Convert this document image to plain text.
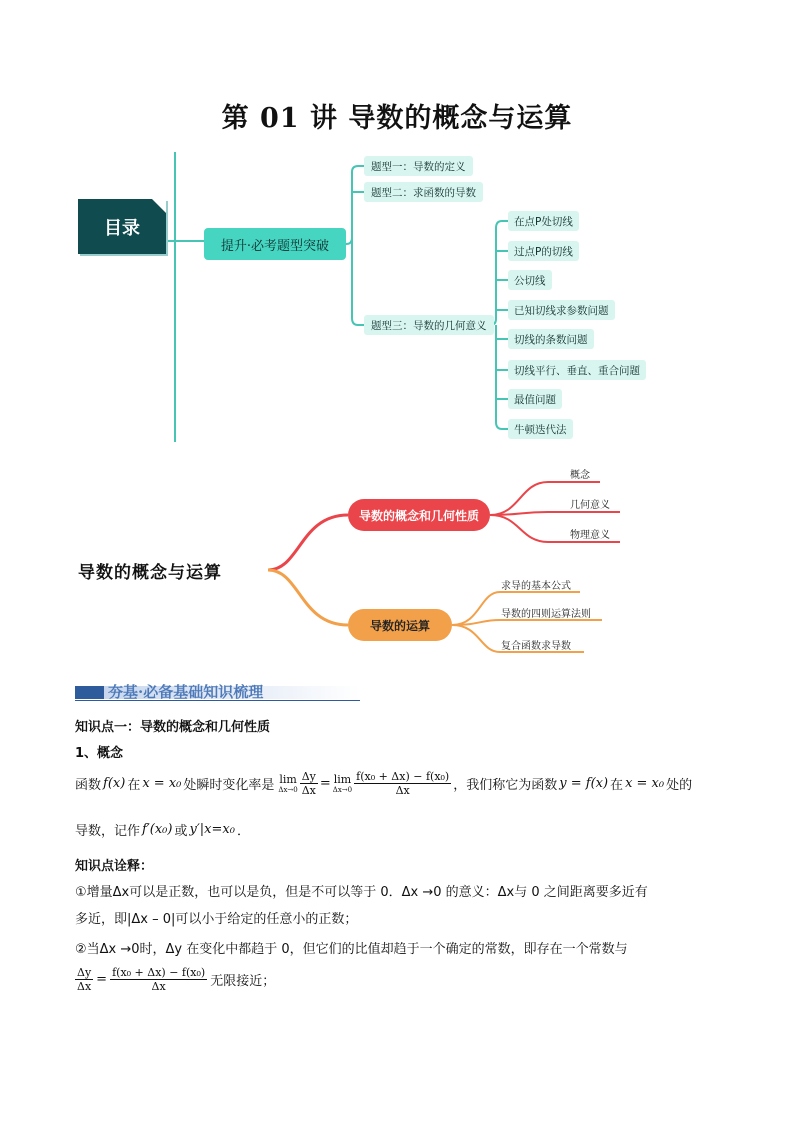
第 01 讲 导数的概念与运算
目录
提升·必考题型突破
题型一：导数的定义
题型二：求函数的导数
题型三：导数的几何意义
在点P处切线
过点P的切线
公切线
已知切线求参数问题
切线的条数问题
切线平行、垂直、重合问题
最值问题
牛顿迭代法
导数的概念与运算
导数的概念和几何性质
导数的运算
概念
几何意义
物理意义
求导的基本公式
导数的四则运算法则
复合函数求导数
夯基·必备基础知识梳理
知识点一：导数的概念和几何性质
1、概念
函数 f(x) 在 x = x₀ 处瞬时变化率是 lim
$\Delta x\to 0 \frac{\Delta y}{\Delta x} = \lim$
$\Delta x\to 0 \frac{\text{f(x₀ + Δx) − f(x₀)}}{\Delta x}$ ，我们称它为函数 y = f(x) 在 x = x₀ 处的
导数，记作 f′(x₀) 或 y′|x=x₀ ．
知识点诠释：
①增量Δx可以是正数，也可以是负，但是不可以等于 0．Δx →0 的意义：Δx与 0 之间距离要多近有
多近，即|Δx – 0|可以小于给定的任意小的正数；
②当Δx →0时，Δy 在变化中都趋于 0，但它们的比值却趋于一个确定的常数，即存在一个常数与
$\frac{\Delta y}{\Delta x} = \frac{\text{f(x₀ + Δx) − f(x₀)}}{\Delta x}$ 无限接近；
